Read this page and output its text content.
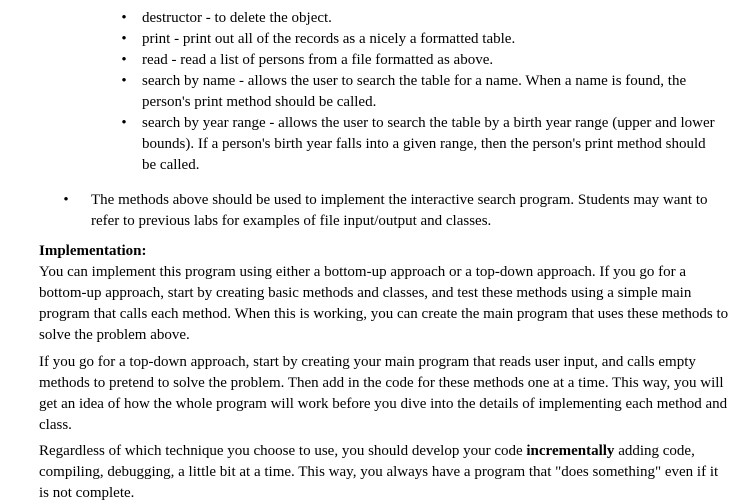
• destructor - to delete the object.
• print - print out all of the records as a nicely a formatted table.
• read - read a list of persons from a file formatted as above.
• search by name - allows the user to search the table for a name. When a name is found, the person's print method should be called.
• search by year range - allows the user to search the table by a birth year range (upper and lower bounds). If a person's birth year falls into a given range, then the person's print method should be called.
• The methods above should be used to implement the interactive search program. Students may want to refer to previous labs for examples of file input/output and classes.
Implementation:
You can implement this program using either a bottom-up approach or a top-down approach. If you go for a bottom-up approach, start by creating basic methods and classes, and test these methods using a simple main program that calls each method. When this is working, you can create the main program that uses these methods to solve the problem above.
If you go for a top-down approach, start by creating your main program that reads user input, and calls empty methods to pretend to solve the problem. Then add in the code for these methods one at a time. This way, you will get an idea of how the whole program will work before you dive into the details of implementing each method and class.
Regardless of which technique you choose to use, you should develop your code incrementally adding code, compiling, debugging, a little bit at a time. This way, you always have a program that "does something" even if it is not complete.
